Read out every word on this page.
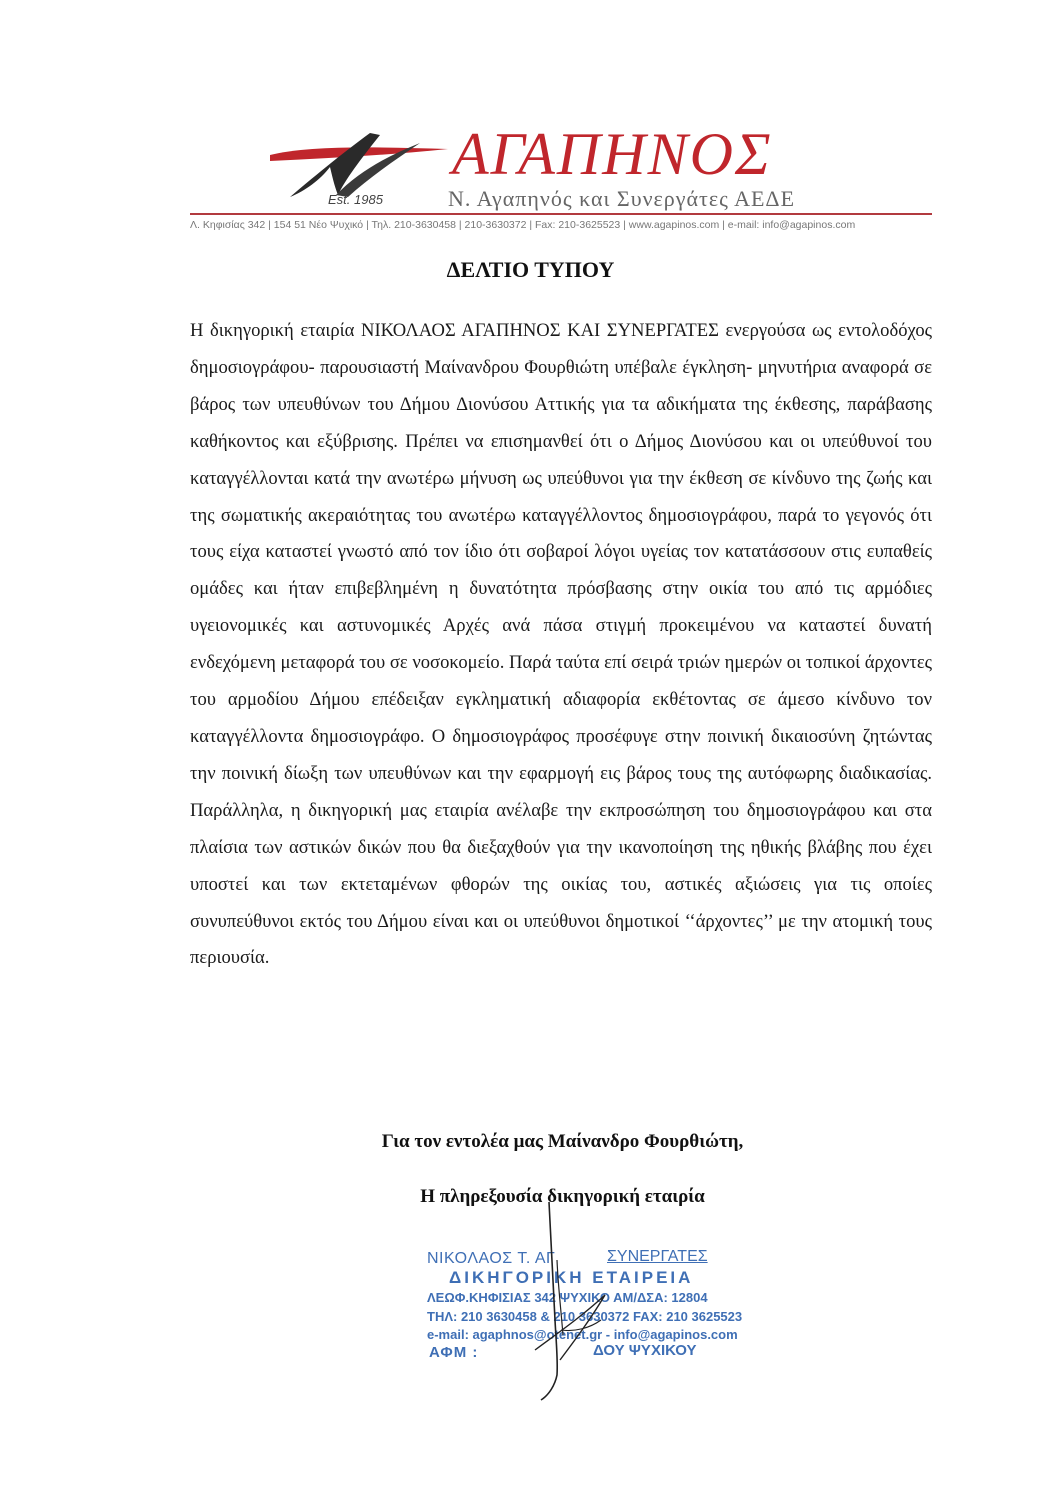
ΑΓΑΠΗΝΟΣ
Est. 1985	Ν. Αγαπηνός και Συνεργάτες ΑΕΔΕ
Λ. Κηφισίας 342 | 154 51 Νέο Ψυχικό | Τηλ. 210-3630458 | 210-3630372 | Fax: 210-3625523 | www.agapinos.com | e-mail: info@agapinos.com
ΔΕΛΤΙΟ ΤΥΠΟΥ
Η δικηγορική εταιρία ΝΙΚΟΛΑΟΣ ΑΓΑΠΗΝΟΣ ΚΑΙ ΣΥΝΕΡΓΑΤΕΣ ενεργούσα ως εντολοδόχος δημοσιογράφου- παρουσιαστή Μαίνανδρου Φουρθιώτη υπέβαλε έγκληση- μηνυτήρια αναφορά σε βάρος των υπευθύνων του Δήμου Διονύσου Αττικής για τα αδικήματα της έκθεσης, παράβασης καθήκοντος και εξύβρισης. Πρέπει να επισημανθεί ότι ο Δήμος Διονύσου και οι υπεύθυνοί του καταγγέλλονται κατά την ανωτέρω μήνυση ως υπεύθυνοι για την έκθεση σε κίνδυνο της ζωής και της σωματικής ακεραιότητας του ανωτέρω καταγγέλλοντος δημοσιογράφου, παρά το γεγονός ότι τους είχα καταστεί γνωστό από τον ίδιο ότι σοβαροί λόγοι υγείας τον κατατάσσουν στις ευπαθείς ομάδες και ήταν επιβεβλημένη η δυνατότητα πρόσβασης στην οικία του από τις αρμόδιες υγειονομικές και αστυνομικές Αρχές ανά πάσα στιγμή προκειμένου να καταστεί δυνατή ενδεχόμενη μεταφορά του σε νοσοκομείο. Παρά ταύτα επί σειρά τριών ημερών οι τοπικοί άρχοντες του αρμοδίου Δήμου επέδειξαν εγκληματική αδιαφορία εκθέτοντας σε άμεσο κίνδυνο τον καταγγέλλοντα δημοσιογράφο. Ο δημοσιογράφος προσέφυγε στην ποινική δικαιοσύνη ζητώντας την ποινική δίωξη των υπευθύνων και την εφαρμογή εις βάρος τους της αυτόφωρης διαδικασίας. Παράλληλα, η δικηγορική μας εταιρία ανέλαβε την εκπροσώπηση του δημοσιογράφου και στα πλαίσια των αστικών δικών που θα διεξαχθούν για την ικανοποίηση της ηθικής βλάβης που έχει υποστεί και των εκτεταμένων φθορών της οικίας του, αστικές αξιώσεις για τις οποίες συνυπεύθυνοι εκτός του Δήμου είναι και οι υπεύθυνοι δημοτικοί ‘‘άρχοντες’’ με την ατομική τους περιουσία.
Για τον εντολέα μας Μαίνανδρο Φουρθιώτη,
Η πληρεξουσία δικηγορική εταιρία
ΝΙΚΟΛΑΟΣ Τ. ΑΓ	ΣΥΝΕΡΓΑΤΕΣ
ΔΙΚΗΓΟΡΙΚΗ ΕΤΑΙΡΕΙΑ
ΛΕΩΦ.ΚΗΦΙΣΙΑΣ 342 ΨΥΧΙΚΟ ΑΜ/ΔΣΑ: 12804
ΤΗΛ: 210 3630458 & 210 3630372 FAX: 210 3625523
e-mail: agaphnos@otenet.gr - info@agapinos.com
ΑΦΜ :	ΔΟΥ ΨΥΧΙΚΟΥ
